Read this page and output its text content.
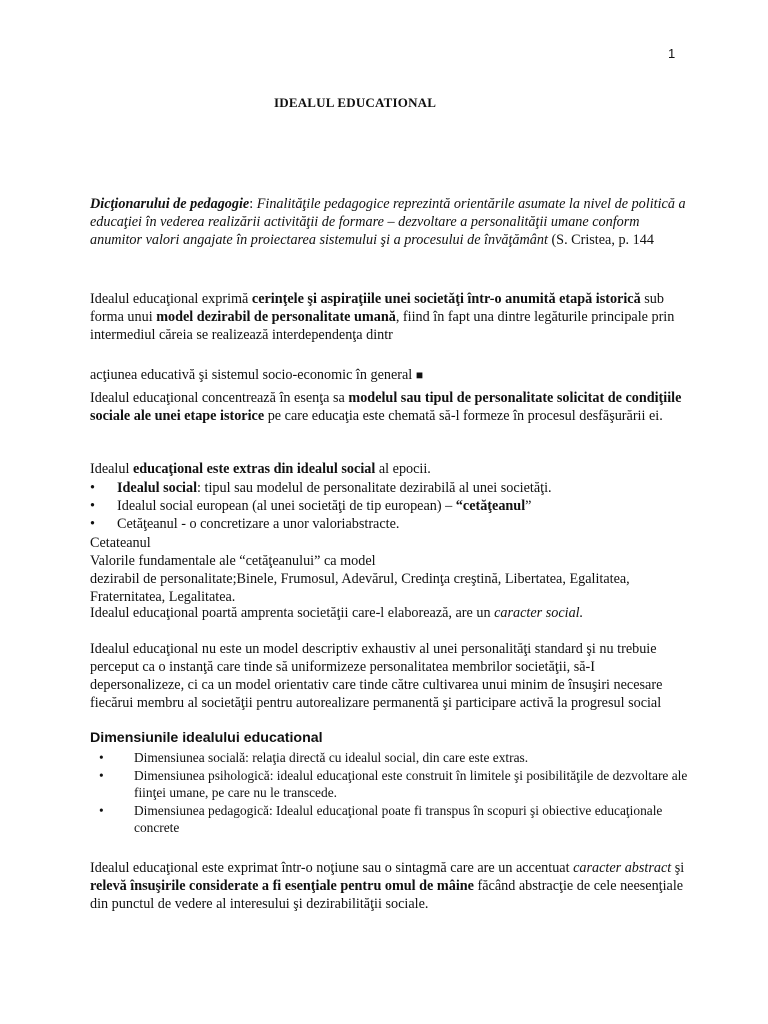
1
IDEALUL EDUCATIONAL
Dicţionarului de pedagogie: Finalităţile pedagogice reprezintă orientările asumate la nivel de politică a educaţiei în vederea realizării activităţii de formare – dezvoltare a personalităţii umane conform anumitor valori angajate în proiectarea sistemului şi a procesului de învăţământ (S. Cristea, p. 144
Idealul educaţional exprimă cerinţele şi aspiraţiile unei societăţi într-o anumită etapă istorică sub forma unui model dezirabil de personalitate umană, fiind în fapt una dintre legăturile principale prin intermediul căreia se realizează interdependenţa dintr
acţiunea educativă şi sistemul socio-economic în general ■
Idealul educaţional concentrează în esenţa sa modelul sau tipul de personalitate solicitat de condiţiile sociale ale unei etape istorice pe care educaţia este chemată să-l formeze în procesul desfăşurării ei.
Idealul educaţional este extras din idealul social al epocii.
• Idealul social: tipul sau modelul de personalitate dezirabilă al unei societăţi.
• Idealul social european (al unei societăţi de tip european) – “cetăţeanul”
• Cetăţeanul - o concretizare a unor valoriabstracte.
Cetateanul
Valorile fundamentale ale “cetăţeanului” ca model
dezirabil de personalitate;Binele, Frumosul, Adevărul, Credinţa creştină, Libertatea, Egalitatea, Fraternitatea, Legalitatea.
Idealul educaţional poartă amprenta societăţii care-l elaborează, are un caracter social.
Idealul educaţional nu este un model descriptiv exhaustiv al unei personalităţi standard şi nu trebuie perceput ca o instanţă care tinde să uniformizeze personalitatea membrilor societăţii, să-I depersonalizeze, ci ca un model orientativ care tinde către cultivarea unui minim de însuşiri necesare fiecărui membru al societăţii pentru autorealizare permanentă şi participare activă la progresul social
Dimensiunile idealului educational
• Dimensiunea socială: relaţia directă cu idealul social, din care este extras.
• Dimensiunea psihologică: idealul educaţional este construit în limitele şi posibilităţile de dezvoltare ale fiinţei umane, pe care nu le transcede.
• Dimensiunea pedagogică: Idealul educaţional poate fi transpus în scopuri şi obiective educaţionale concrete
Idealul educaţional este exprimat într-o noţiune sau o sintagmă care are un accentuat caracter abstract şi relevă însuşirile considerate a fi esenţiale pentru omul de mâine făcând abstracţie de cele neesenţiale din punctul de vedere al interesului şi dezirabilităţii sociale.
